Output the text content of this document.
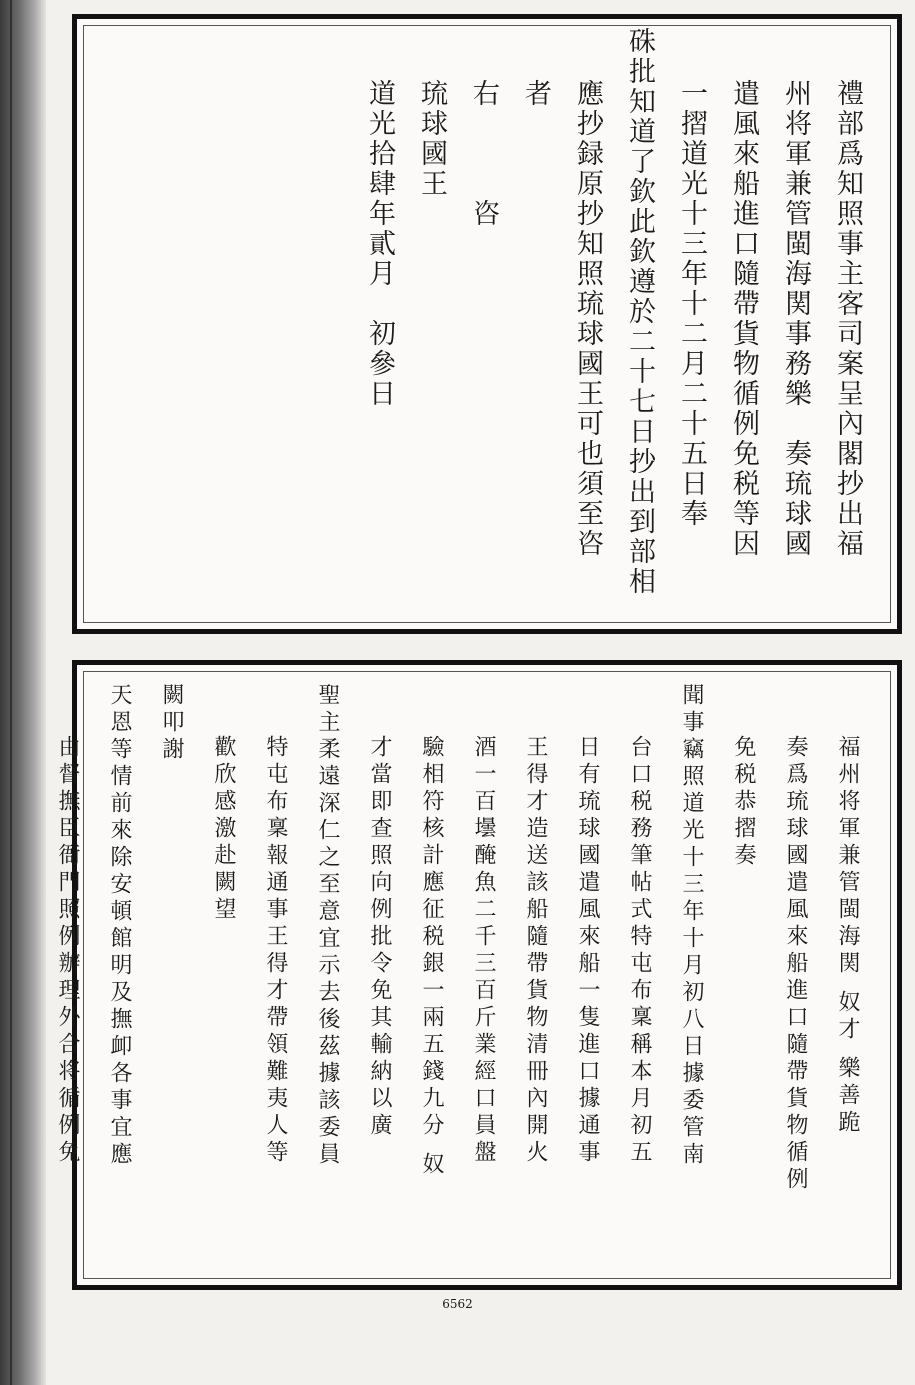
禮部爲知照事主客司案呈內閣抄出福
州将軍兼管閩海関事務樂　奏琉球國
遣風來船進口隨帶貨物循例免税等因
一摺道光十三年十二月二十五日奉
硃批知道了欽此欽遵於二十七日抄出到部相
應抄録原抄知照琉球國王可也須至咨
者
右　　　咨
琉球國王
道光拾肆年貳月　初參日
福州将軍兼管閩海関 奴才 樂善跪
奏爲琉球國遣風來船進口隨帶貨物循例
免税恭摺奏
聞事竊照道光十三年十月初八日據委管南
台口税務筆帖式特屯布稟稱本月初五
日有琉球國遣風來船一隻進口據通事
王得才造送該船隨帶貨物清冊內開火
酒一百壜醃魚二千三百斤業經口員盤
驗相符核計應征税銀一兩五錢九分 奴
才當即查照向例批令免其輸納以廣
聖主柔遠深仁之至意宜示去後茲據該委員
特屯布稟報通事王得才帶領難夷人等
歡欣感激赴闕望
闕叩謝
天恩等情前來除安頓館明及撫卹各事宜應
由督撫臣衙門照例辦理外合将循例免
6562
